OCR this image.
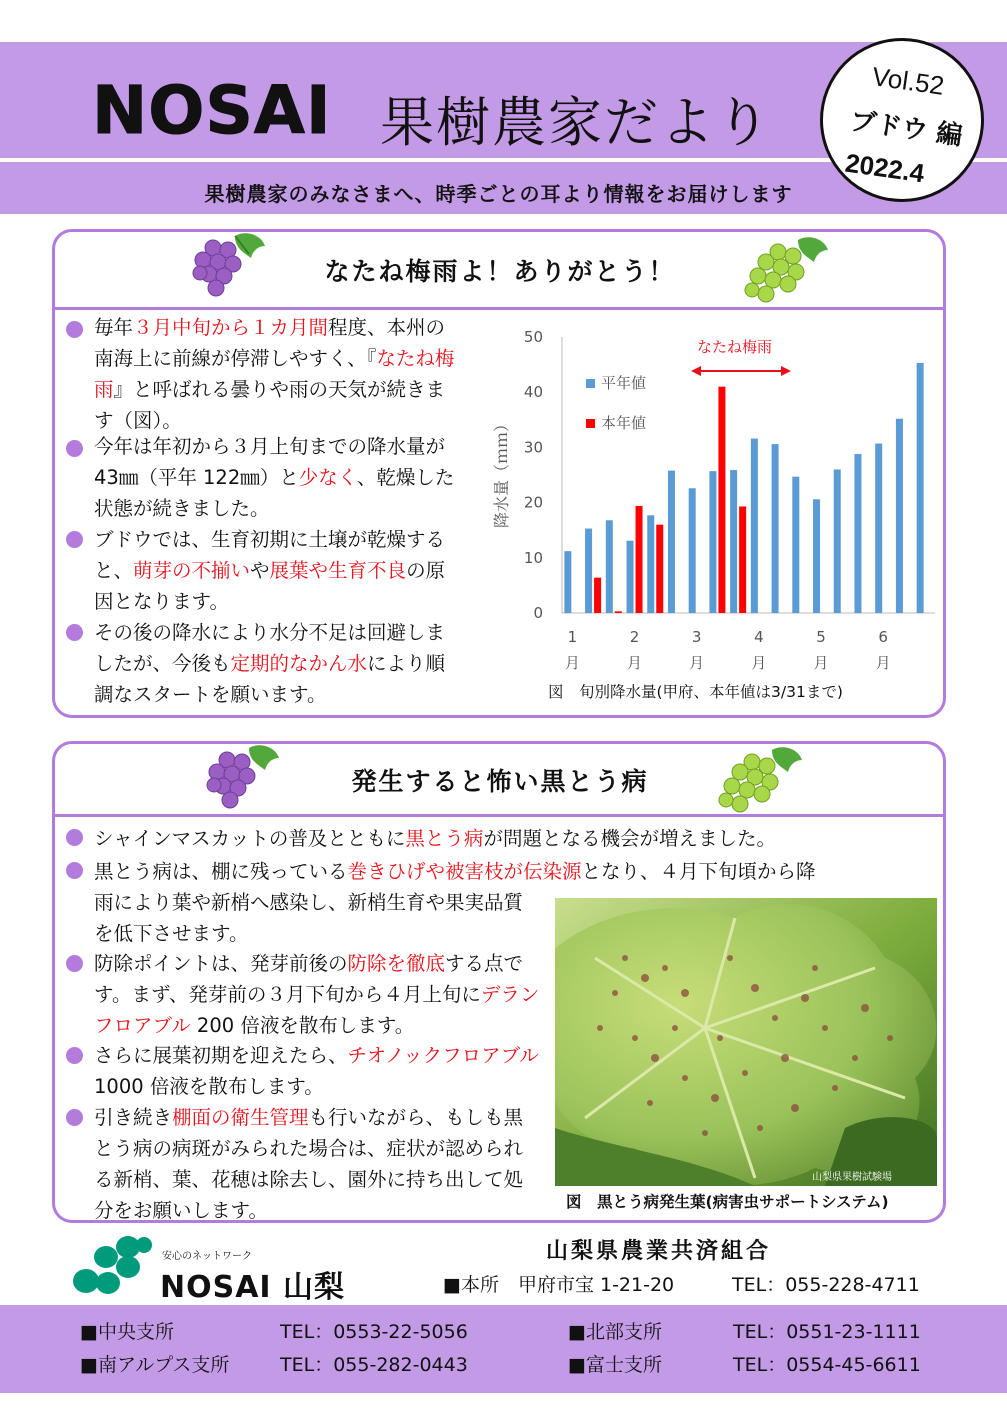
NOSAI 果樹農家だより
果樹農家のみなさまへ、時季ごとの耳より情報をお届けします
Vol.52
ブドウ 編
2022.4
なたね梅雨よ！ありがとう！
毎年３月中旬から１カ月間程度、本州の南海上に前線が停滞しやすく、『なたね梅雨』と呼ばれる曇りや雨の天気が続きます（図）。
今年は年初から３月上旬までの降水量が 43㎜（平年 122㎜）と少なく、乾燥した状態が続きました。
ブドウでは、生育初期に土壌が乾燥すると、萌芽の不揃いや展葉や生育不良の原因となります。
その後の降水により水分不足は回避しましたが、今後も定期的なかん水により順調なスタートを願います。
0
10
20
30
40
50
1
月
2
月
3
月
4
月
5
月
6
月
降水量（ｍｍ）
平年値
本年値
なたね梅雨
図　旬別降水量(甲府、本年値は3/31まで)
発生すると怖い黒とう病
シャインマスカットの普及とともに黒とう病が問題となる機会が増えました。
黒とう病は、棚に残っている巻きひげや被害枝が伝染源となり、４月下旬頃から降
雨により葉や新梢へ感染し、新梢生育や果実品質を低下させます。
防除ポイントは、発芽前後の防除を徹底する点です。まず、発芽前の３月下旬から４月上旬にデランフロアブル 200 倍液を散布します。
さらに展葉初期を迎えたら、チオノックフロアブル 1000 倍液を散布します。
引き続き棚面の衛生管理も行いながら、もしも黒とう病の病斑がみられた場合は、症状が認められる新梢、葉、花穂は除去し、園外に持ち出して処分をお願いします。
山梨県果樹試験場
図　黒とう病発生葉(病害虫サポートシステム)
安心のネットワーク
NOSAI 山梨
山梨県農業共済組合
■本所　甲府市宝 1-21-20	TEL：055-228-4711
■中央支所	TEL：0553-22-5056	■北部支所	TEL：0551-23-1111
■南アルプス支所	TEL：055-282-0443	■富士支所	TEL：0554-45-6611
